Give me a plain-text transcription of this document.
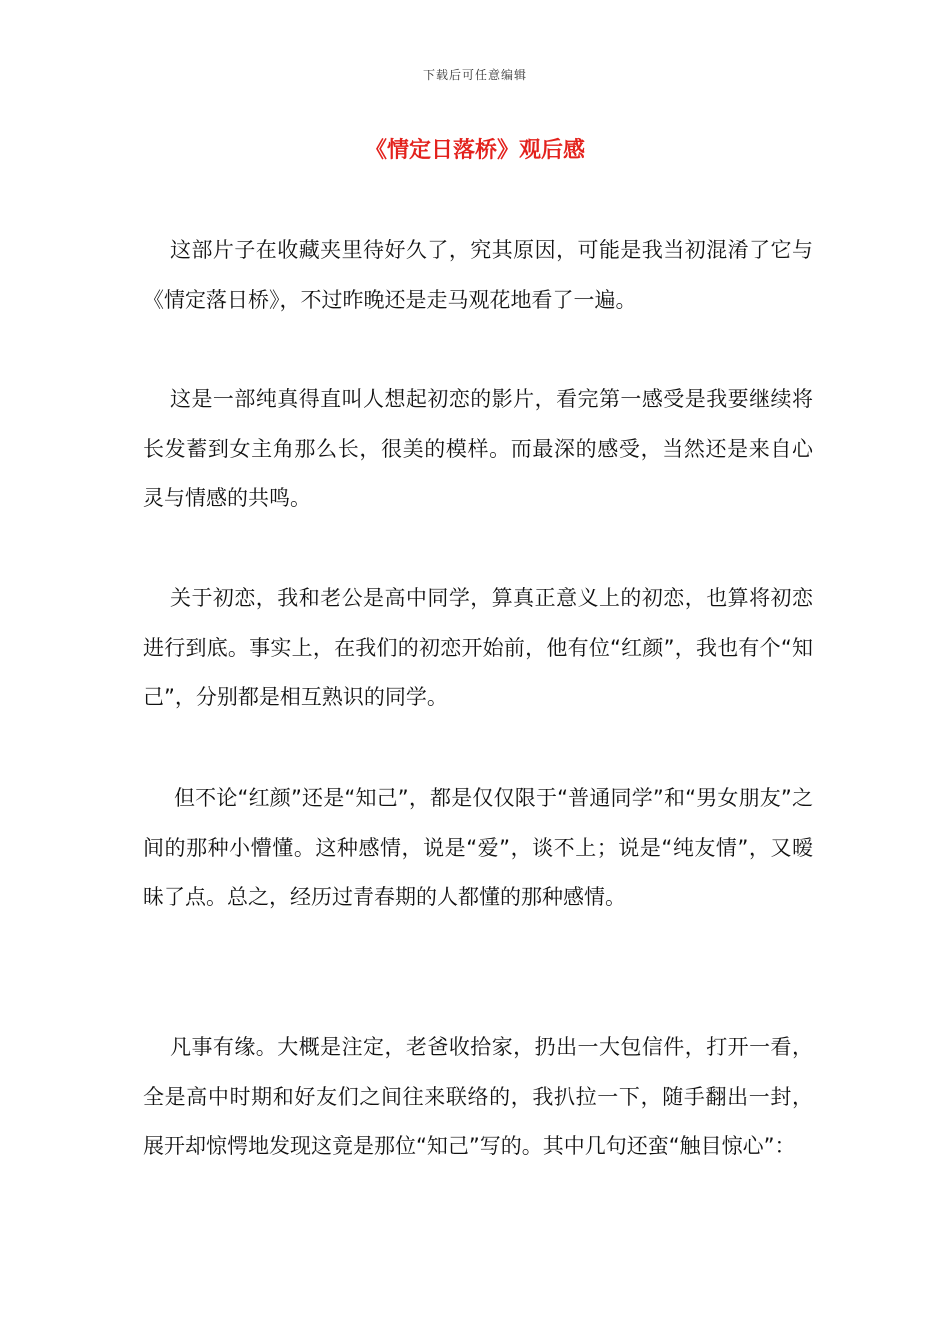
下载后可任意编辑
《情定日落桥》观后感

这部片子在收藏夹里待好久了，究其原因，可能是我当初混淆了它与《情定落日桥》，不过昨晚还是走马观花地看了一遍。

这是一部纯真得直叫人想起初恋的影片，看完第一感受是我要继续将长发蓄到女主角那么长，很美的模样。而最深的感受，当然还是来自心灵与情感的共鸣。

关于初恋，我和老公是高中同学，算真正意义上的初恋，也算将初恋进行到底。事实上，在我们的初恋开始前，他有位“红颜”，我也有个“知己”，分别都是相互熟识的同学。

但不论“红颜”还是“知己”，都是仅仅限于“普通同学”和“男女朋友”之间的那种小懵懂。这种感情，说是“爱”，谈不上；说是“纯友情”，又暧昧了点。总之，经历过青春期的人都懂的那种感情。

凡事有缘。大概是注定，老爸收拾家，扔出一大包信件，打开一看，全是高中时期和好友们之间往来联络的，我扒拉一下，随手翻出一封，展开却惊愕地发现这竟是那位“知己”写的。其中几句还蛮“触目惊心”：
